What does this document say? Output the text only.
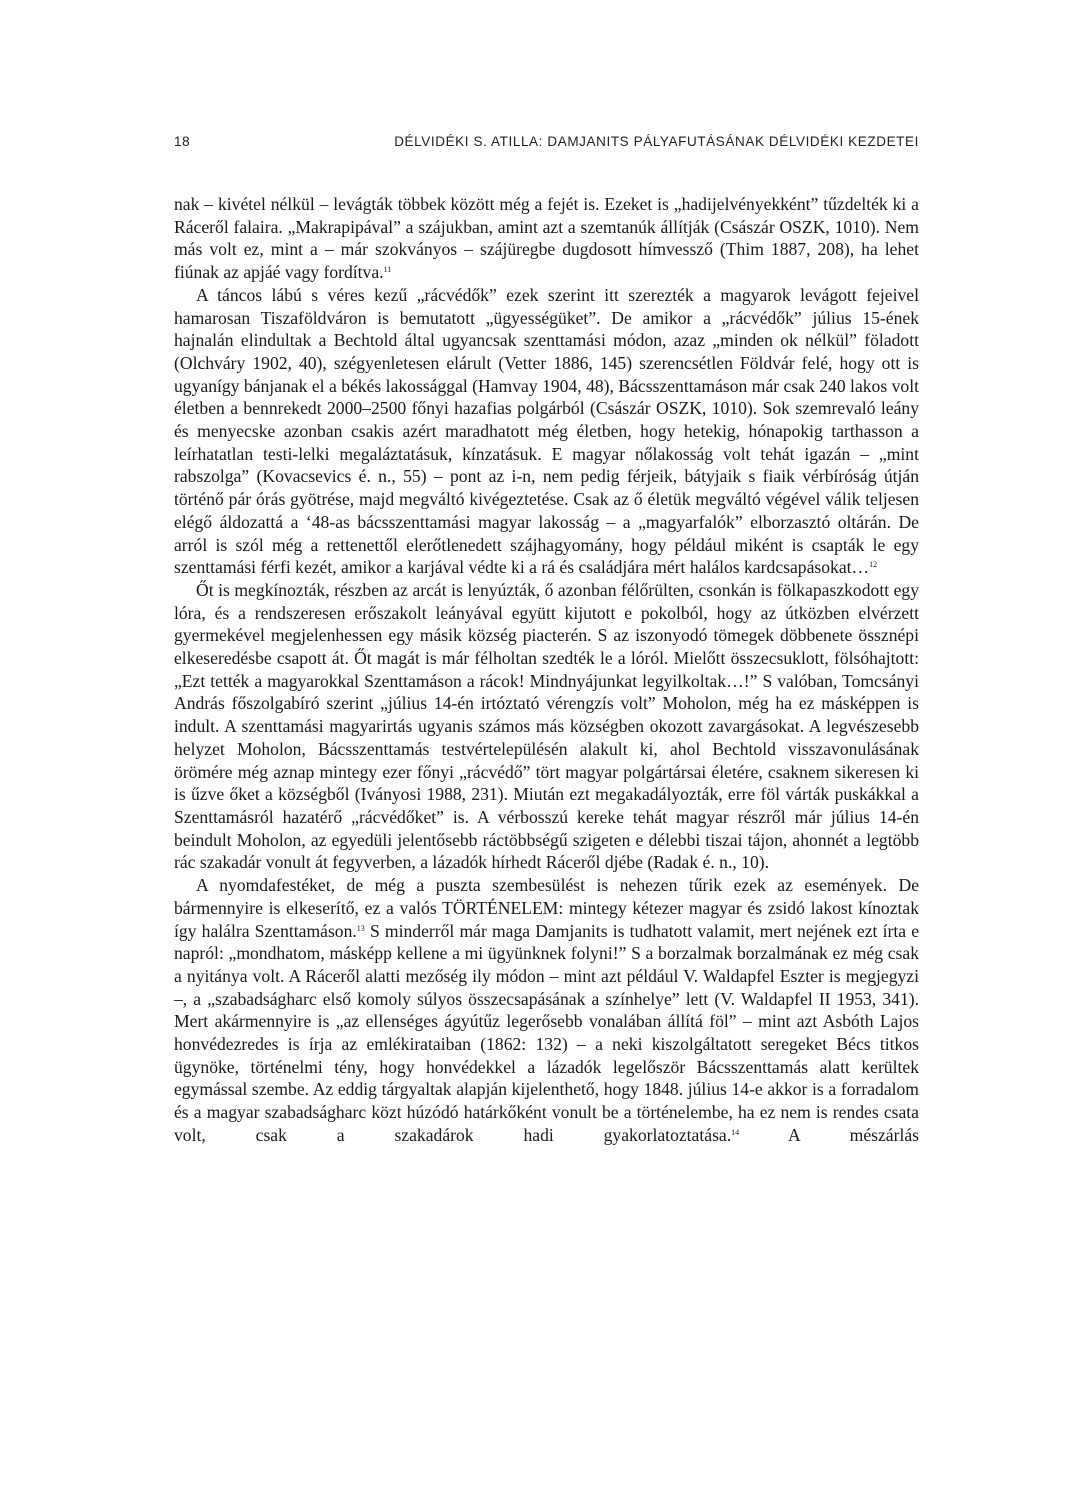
18	DÉLVIDÉKI S. ATILLA: DAMJANITS PÁLYAFUTÁSÁNAK DÉLVIDÉKI KEZDETEI

nak – kivétel nélkül – levágták többek között még a fejét is. Ezeket is „hadijelvényekként” tűzdelték ki a Ráceről falaira. „Makrapipával” a szájukban, amint azt a szemtanúk állítják (Császár OSZK, 1010). Nem más volt ez, mint a – már szokványos – szájüregbe dugdosott hímvessző (Thim 1887, 208), ha lehet fiúnak az apjáé vagy fordítva.$^{11}$

A táncos lábú s véres kezű „rácvédők” ezek szerint itt szerezték a magyarok levágott fejeivel hamarosan Tiszaföldváron is bemutatott „ügyességüket”. De amikor a „rácvédők” július 15-ének hajnalán elindultak a Bechtold által ugyancsak szenttamási módon, azaz „minden ok nélkül” föladott (Olchváry 1902, 40), szégyenletesen elárult (Vetter 1886, 145) szerencsétlen Földvár felé, hogy ott is ugyanígy bánjanak el a békés lakossággal (Hamvay 1904, 48), Bácsszenttamáson már csak 240 lakos volt életben a bennrekedt 2000–2500 főnyi hazafias polgárból (Császár OSZK, 1010). Sok szemrevaló leány és menyecske azonban csakis azért maradhatott még életben, hogy hetekig, hónapokig tarthasson a leírhatatlan testi-lelki megaláztatásuk, kínzatásuk. E magyar nőlakosság volt tehát igazán – „mint rabszolga” (Kovacsevics é. n., 55) – pont az i-n, nem pedig férjeik, bátyjaik s fiaik vérbíróság útján történő pár órás gyötrése, majd megváltó kivégeztetése. Csak az ő életük megváltó végével válik teljesen elégő áldozattá a ‘48-as bácsszenttamási magyar lakosság – a „magyarfalók” elborzasztó oltárán. De arról is szól még a rettenettől elerőtlenedett szájhagyomány, hogy például miként is csapták le egy szenttamási férfi kezét, amikor a karjával védte ki a rá és családjára mért halálos kardcsapásokat…$^{12}$

Őt is megkínozták, részben az arcát is lenyúzták, ő azonban félőrülten, csonkán is fölkapaszkodott egy lóra, és a rendszeresen erőszakolt leányával együtt kijutott e pokolból, hogy az útközben elvérzett gyermekével megjelenhessen egy másik község piacterén. S az iszonyodó tömegek döbbenete össznépi elkeseredésbe csapott át. Őt magát is már félholtan szedték le a lóról. Mielőtt összecsuklott, fölsóhajtott: „Ezt tették a magyarokkal Szenttamáson a rácok! Mindnyájunkat legyilkoltak…!” S valóban, Tomcsányi András főszolgabíró szerint „július 14-én irtóztató vérengzís volt” Moholon, még ha ez másképpen is indult. A szenttamási magyarirtás ugyanis számos más községben okozott zavargásokat. A legvészesebb helyzet Moholon, Bácsszenttamás testvértelepülésén alakult ki, ahol Bechtold visszavonulásának örömére még aznap mintegy ezer főnyi „rácvédő” tört magyar polgártársai életére, csaknem sikeresen ki is űzve őket a községből (Iványosi 1988, 231). Miután ezt megakadályozták, erre föl várták puskákkal a Szenttamásról hazatérő „rácvédőket” is. A vérbosszú kereke tehát magyar részről már július 14-én beindult Moholon, az egyedüli jelentősebb ráctöbbségű szigeten e délebbi tiszai tájon, ahonnét a legtöbb rác szakadár vonult át fegyverben, a lázadók hírhedt Ráceről djébe (Radak é. n., 10).

A nyomdafestéket, de még a puszta szembesülést is nehezen tűrik ezek az események. De bármennyire is elkeserítő, ez a valós TÖRTÉNELEM: mintegy kétezer magyar és zsidó lakost kínoztak így halálra Szenttamáson.$^{13}$ S minderről már maga Damjanits is tudhatott valamit, mert nejének ezt írta e napról: „mondhatom, másképp kellene a mi ügyünknek folyni!” S a borzalmak borzalmának ez még csak a nyitánya volt. A Ráceről alatti mezőség ily módon – mint azt például V. Waldapfel Eszter is megjegyzi –, a „szabadságharc első komoly súlyos összecsapásának a színhelye” lett (V. Waldapfel II 1953, 341). Mert akármennyire is „az ellenséges ágyútűz legerősebb vonalában állítá föl” – mint azt Asbóth Lajos honvédezredes is írja az emlékirataiban (1862: 132) – a neki kiszolgáltatott seregeket Bécs titkos ügynöke, történelmi tény, hogy honvédekkel a lázadók legelőször Bácsszenttamás alatt kerültek egymással szembe. Az eddig tárgyaltak alapján kijelenthető, hogy 1848. július 14-e akkor is a forradalom és a magyar szabadságharc közt húzódó határkőként vonult be a történelembe, ha ez nem is rendes csata volt, csak a szakadárok hadi gyakorlatoztatása.$^{14}$ A mészárlás
